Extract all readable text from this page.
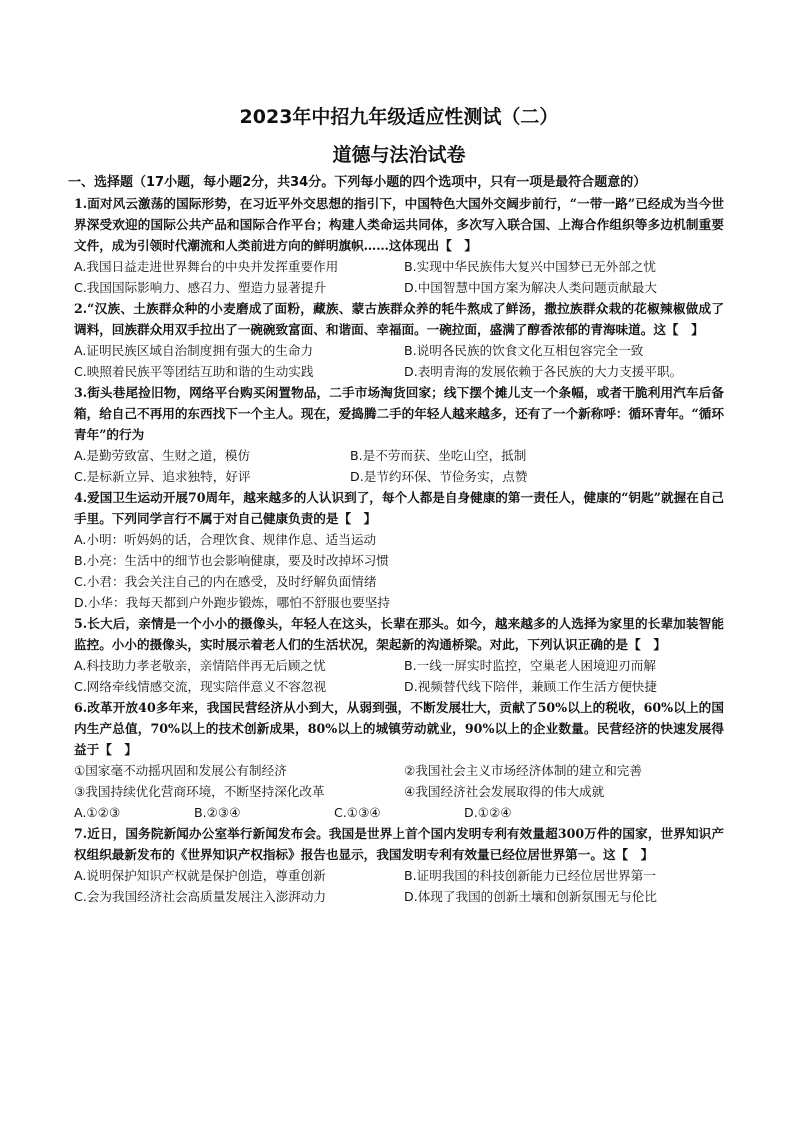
2023年中招九年级适应性测试（二）
道德与法治试卷
一、选择题（17小题，每小题2分，共34分。下列每小题的四个选项中，只有一项是最符合题意的）

1.面对风云激荡的国际形势，在习近平外交思想的指引下，中国特色大国外交阔步前行，“一带一路”已经成为当今世界深受欢迎的国际公共产品和国际合作平台；构建人类命运共同体，多次写入联合国、上海合作组织等多边机制重要文件，成为引领时代潮流和人类前进方向的鲜明旗帜……这体现出【　】

A.我国日益走进世界舞台的中央并发挥重要作用	B.实现中华民族伟大复兴中国梦已无外部之忧
C.我国国际影响力、感召力、塑造力显著提升	D.中国智慧中国方案为解决人类问题贡献最大

2.“汉族、土族群众种的小麦磨成了面粉，藏族、蒙古族群众养的牦牛熬成了鲜汤，撒拉族群众栽的花椒辣椒做成了调料，回族群众用双手拉出了一碗碗致富面、和谐面、幸福面。一碗拉面，盛满了醇香浓郁的青海味道。这【　】

A.证明民族区域自治制度拥有强大的生命力	B.说明各民族的饮食文化互相包容完全一致
C.映照着民族平等团结互助和谐的生动实践	D.表明青海的发展依赖于各民族的大力支援平职。

3.街头巷尾捡旧物，网络平台购买闲置物品，二手市场淘货回家；线下摆个摊儿支一个条幅，或者干脆利用汽车后备箱，给自己不再用的东西找下一个主人。现在，爱捣腾二手的年轻人越来越多，还有了一个新称呼：循环青年。“循环青年”的行为

A.是勤劳致富、生财之道，模仿	B.是不劳而获、坐吃山空，抵制
C.是标新立异、追求独特，好评	D.是节约环保、节俭务实，点赞

4.爱国卫生运动开展70周年，越来越多的人认识到了，每个人都是自身健康的第一责任人，健康的“钥匙”就握在自己手里。下列同学言行不属于对自己健康负责的是【　】

A.小明：听妈妈的话，合理饮食、规律作息、适当运动
B.小亮：生活中的细节也会影响健康，要及时改掉坏习惯
C.小君：我会关注自己的内在感受，及时纾解负面情绪
D.小华：我每天都到户外跑步锻炼，哪怕不舒服也要坚持

5.长大后，亲情是一个小小的摄像头，年轻人在这头，长辈在那头。如今，越来越多的人选择为家里的长辈加装智能监控。小小的摄像头，实时展示着老人们的生活状况，架起新的沟通桥梁。对此，下列认识正确的是【　】

A.科技助力孝老敬亲，亲情陪伴再无后顾之忧	B.一线一屏实时监控，空巢老人困境迎刃而解
C.网络牵线情感交流，现实陪伴意义不容忽视	D.视频替代线下陪伴，兼顾工作生活方便快捷

6.改革开放40多年来，我国民营经济从小到大，从弱到强，不断发展壮大，贡献了50%以上的税收，60%以上的国内生产总值，70%以上的技术创新成果，80%以上的城镇劳动就业，90%以上的企业数量。民营经济的快速发展得益于【　】

①国家毫不动摇巩固和发展公有制经济	②我国社会主义市场经济体制的建立和完善
③我国持续优化营商环境，不断坚持深化改革	④我国经济社会发展取得的伟大成就
A.①②③	B.②③④	C.①③④	D.①②④

7.近日，国务院新闻办公室举行新闻发布会。我国是世界上首个国内发明专利有效量超300万件的国家，世界知识产权组织最新发布的《世界知识产权指标》报告也显示，我国发明专利有效量已经位居世界第一。这【　】

A.说明保护知识产权就是保护创造，尊重创新	B.证明我国的科技创新能力已经位居世界第一
C.会为我国经济社会高质量发展注入澎湃动力	D.体现了我国的创新土壤和创新氛围无与伦比
